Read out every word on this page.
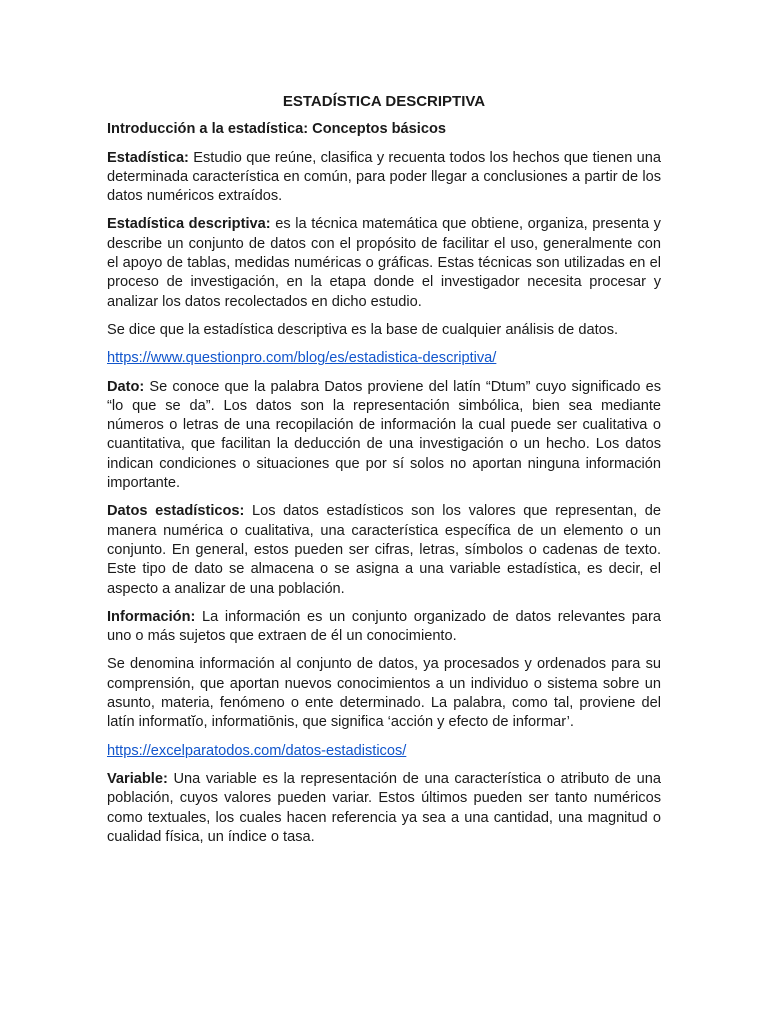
ESTADÍSTICA DESCRIPTIVA
Introducción a la estadística: Conceptos básicos

Estadística: Estudio que reúne, clasifica y recuenta todos los hechos que tienen una determinada característica en común, para poder llegar a conclusiones a partir de los datos numéricos extraídos.

Estadística descriptiva: es la técnica matemática que obtiene, organiza, presenta y describe un conjunto de datos con el propósito de facilitar el uso, generalmente con el apoyo de tablas, medidas numéricas o gráficas. Estas técnicas son utilizadas en el proceso de investigación, en la etapa donde el investigador necesita procesar y analizar los datos recolectados en dicho estudio.

Se dice que la estadística descriptiva es la base de cualquier análisis de datos.

https://www.questionpro.com/blog/es/estadistica-descriptiva/

Dato: Se conoce que la palabra Datos proviene del latín “Dtum” cuyo significado es “lo que se da”. Los datos son la representación simbólica, bien sea mediante números o letras de una recopilación de información la cual puede ser cualitativa o cuantitativa, que facilitan la deducción de una investigación o un hecho. Los datos indican condiciones o situaciones que por sí solos no aportan ninguna información importante.

Datos estadísticos: Los datos estadísticos son los valores que representan, de manera numérica o cualitativa, una característica específica de un elemento o un conjunto. En general, estos pueden ser cifras, letras, símbolos o cadenas de texto. Este tipo de dato se almacena o se asigna a una variable estadística, es decir, el aspecto a analizar de una población.

Información: La información es un conjunto organizado de datos relevantes para uno o más sujetos que extraen de él un conocimiento.

Se denomina información al conjunto de datos, ya procesados y ordenados para su comprensión, que aportan nuevos conocimientos a un individuo o sistema sobre un asunto, materia, fenómeno o ente determinado. La palabra, como tal, proviene del latín informatĭo, informatiōnis, que significa ‘acción y efecto de informar’.

https://excelparatodos.com/datos-estadisticos/

Variable: Una variable es la representación de una característica o atributo de una población, cuyos valores pueden variar. Estos últimos pueden ser tanto numéricos como textuales, los cuales hacen referencia ya sea a una cantidad, una magnitud o cualidad física, un índice o tasa.
